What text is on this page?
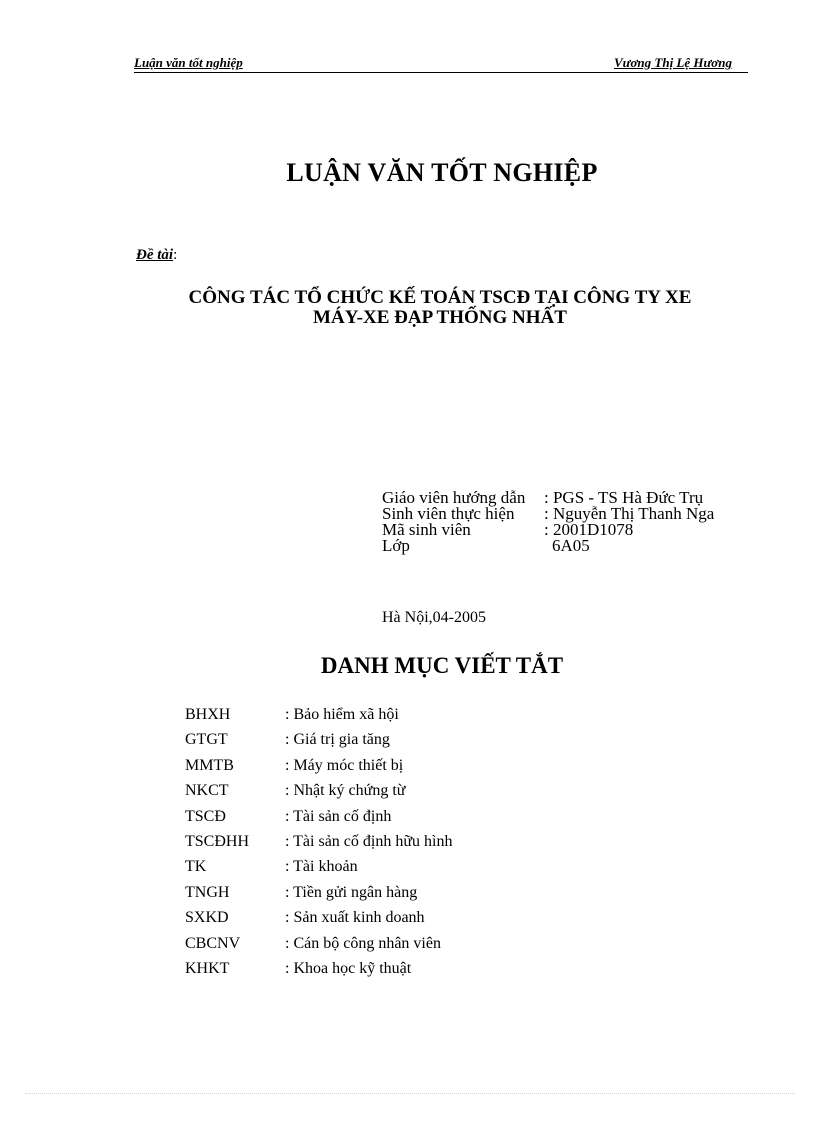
Luận văn tốt nghiệp	Vương Thị Lệ Hương
LUẬN VĂN TỐT NGHIỆP
Đề tài:
CÔNG TÁC TỔ CHỨC KẾ TOÁN TSCĐ TẠI CÔNG TY XE
MÁY-XE ĐẠP THỐNG NHẤT
Giáo viên hướng dẫn : PGS - TS Hà Đức Trụ
Sinh viên thực hiện : Nguyễn Thị Thanh Nga
Mã sinh viên	: 2001D1078
Lớp	6A05
Hà Nội,04-2005
DANH MỤC VIẾT TẮT
BHXH	: Bảo hiểm xã hội
GTGT	: Giá trị gia tăng
MMTB	: Máy móc thiết bị
NKCT	: Nhật ký chứng từ
TSCĐ	: Tài sản cố định
TSCĐHH : Tài sản cố định hữu hình
TK	: Tài khoản
TNGH	: Tiền gửi ngân hàng
SXKD	: Sản xuất kinh doanh
CBCNV	: Cán bộ công nhân viên
KHKT	: Khoa học kỹ thuật
